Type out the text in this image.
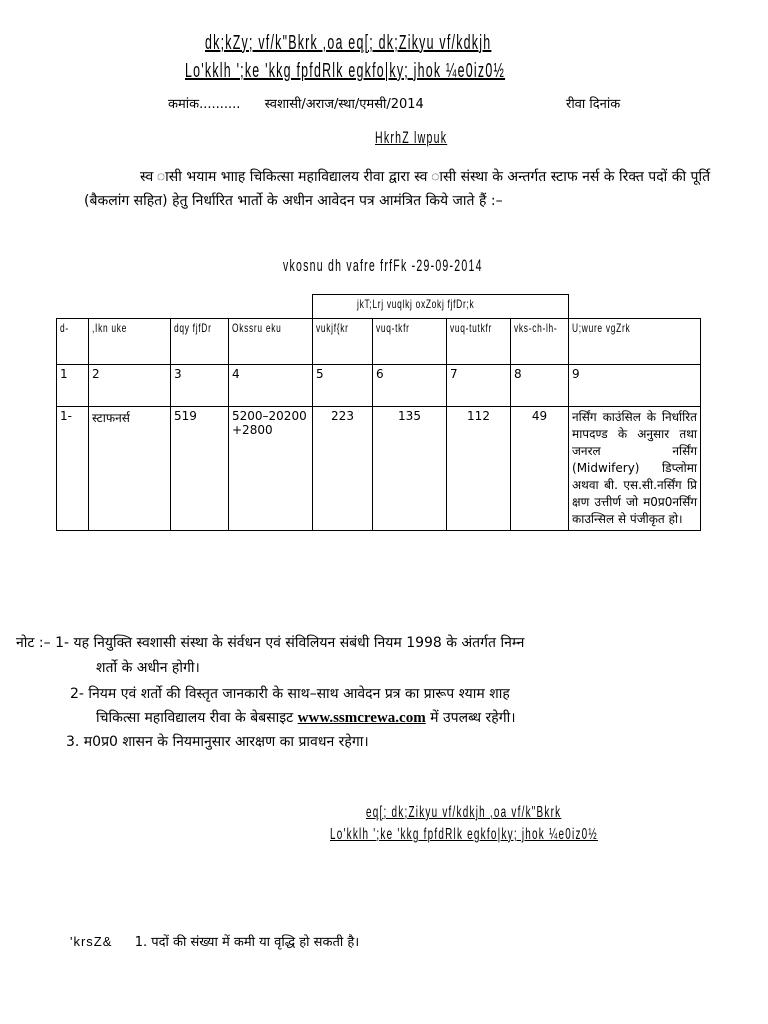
dk;kZy; vf/k"Bkrk ,oa eq[; dk;Zikyu vf/kdkjh
Lo'kklh ';ke 'kkg fpfdRlk egkfo|ky; jhok ¼e0iz0½
कमांक.......... स्वशासी/अराज/स्था/एमसी/2014	रीवा दिनांक
HkrhZ lwpuk
स्व ासी भयाम भााह चिकित्सा महाविद्यालय रीवा द्वारा स्व ासी संस्था के अन्तर्गत स्टाफ नर्स के रिक्त पदों की पूर्ति (बैकलांग सहित) हेतु निर्धारित भार्तो के अधीन आवेदन पत्र आमंत्रित किये जाते हैं :–
vkosnu dh vafre frfFk -29-09-2014
				jkT;Lrj vuqlkj oxZokj fjfDr;k				
d-	,Ikn uke	dqy fjfDr	Okssru eku	vukjf{kr	vuq-tkfr	vuq-tutkfr	vks-ch-lh-	U;wure vgZrk
1	2	3	4	5	6	7	8	9
1-	स्टाफनर्स	519	5200–20200 +2800	223	135	112	49	नर्सिंग काउंसिल के निर्धारित मापदण्ड के अनुसार तथा जनरल नर्सिंग (Midwifery) डिप्लोमा अथवा बी. एस.सी.नर्सिंग प्रि क्षण उत्तीर्ण जो म0प्र0नर्सिंग काउन्सिल से पंजीकृत हो।
नोट :– 1- यह नियुक्ति स्वशासी संस्था के संर्वधन एवं संविलियन संबंधी नियम 1998 के अंतर्गत निम्न
शर्तो के अधीन होगी।
2- नियम एवं शर्तो की विस्तृत जानकारी के साथ–साथ आवेदन प्रत्र का प्रारूप श्याम शाह
चिकित्सा महाविद्यालय रीवा के बेबसाइट www.ssmcrewa.com में उपलब्ध रहेगी।
3. म0प्र0 शासन के नियमानुसार आरक्षण का प्रावधन रहेगा।
eq[; dk;Zikyu vf/kdkjh ,oa vf/k"Bkrk
Lo'kklh ';ke 'kkg fpfdRlk egkfo|ky; jhok ¼e0iz0½
'krsZ& 1. पदों की संख्या में कमी या वृद्धि हो सकती है।
